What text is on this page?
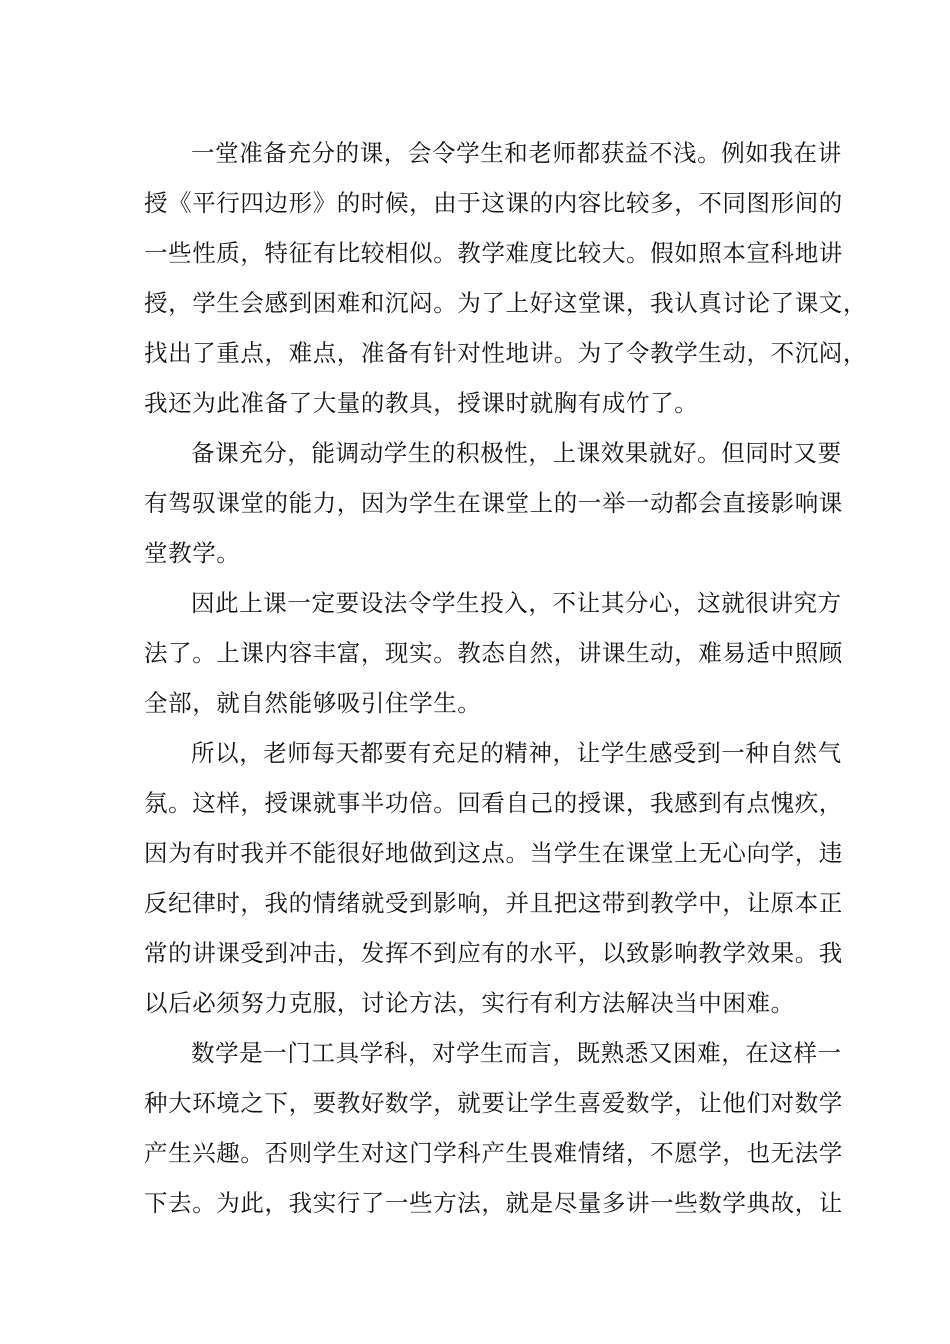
一堂准备充分的课，会令学生和老师都获益不浅。例如我在讲
授《平行四边形》的时候，由于这课的内容比较多，不同图形间的
一些性质，特征有比较相似。教学难度比较大。假如照本宣科地讲
授，学生会感到困难和沉闷。为了上好这堂课，我认真讨论了课文，
找出了重点，难点，准备有针对性地讲。为了令教学生动，不沉闷，
我还为此准备了大量的教具，授课时就胸有成竹了。
备课充分，能调动学生的积极性，上课效果就好。但同时又要
有驾驭课堂的能力，因为学生在课堂上的一举一动都会直接影响课
堂教学。
因此上课一定要设法令学生投入，不让其分心，这就很讲究方
法了。上课内容丰富，现实。教态自然，讲课生动，难易适中照顾
全部，就自然能够吸引住学生。
所以，老师每天都要有充足的精神，让学生感受到一种自然气
氛。这样，授课就事半功倍。回看自己的授课，我感到有点愧疚，
因为有时我并不能很好地做到这点。当学生在课堂上无心向学，违
反纪律时，我的情绪就受到影响，并且把这带到教学中，让原本正
常的讲课受到冲击，发挥不到应有的水平，以致影响教学效果。我
以后必须努力克服，讨论方法，实行有利方法解决当中困难。
数学是一门工具学科，对学生而言，既熟悉又困难，在这样一
种大环境之下，要教好数学，就要让学生喜爱数学，让他们对数学
产生兴趣。否则学生对这门学科产生畏难情绪，不愿学，也无法学
下去。为此，我实行了一些方法，就是尽量多讲一些数学典故，让
